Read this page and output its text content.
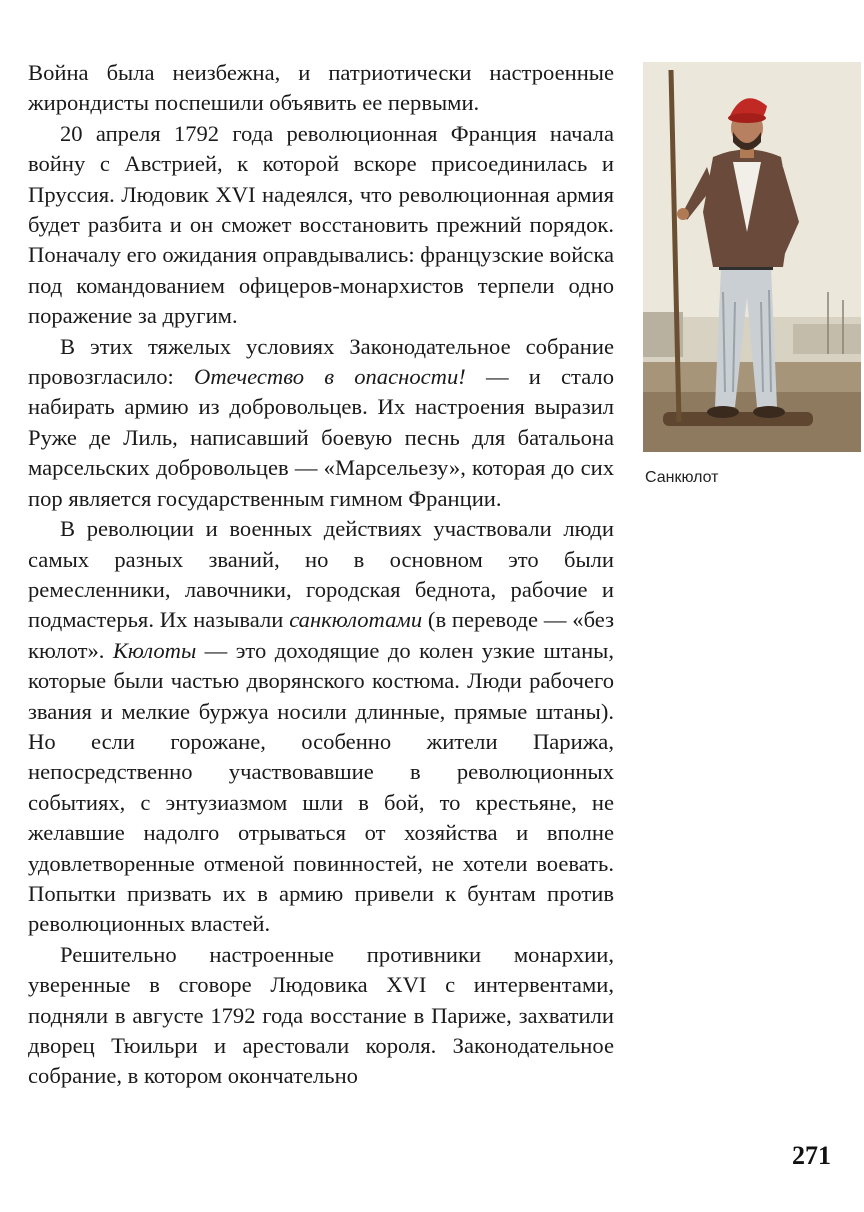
Война была неизбежна, и патриотически настроенные жирондисты поспешили объявить ее первыми.

20 апреля 1792 года революционная Франция начала войну с Австрией, к которой вскоре присоединилась и Пруссия. Людовик XVI надеялся, что революционная армия будет разбита и он сможет восстановить прежний порядок. Поначалу его ожидания оправдывались: французские войска под командованием офицеров-монархистов терпели одно поражение за другим.

В этих тяжелых условиях Законодательное собрание провозгласило: Отечество в опасности! — и стало набирать армию из добровольцев. Их настроения выразил Руже де Лиль, написавший боевую песнь для батальона марсельских добровольцев — «Марсельезу», которая до сих пор является государственным гимном Франции.

В революции и военных действиях участвовали люди самых разных званий, но в основном это были ремесленники, лавочники, городская беднота, рабочие и подмастерья. Их называли санкюлотами (в переводе — «без кюлот». Кюлоты — это доходящие до колен узкие штаны, которые были частью дворянского костюма. Люди рабочего звания и мелкие буржуа носили длинные, прямые штаны). Но если горожане, особенно жители Парижа, непосредственно участвовавшие в революционных событиях, с энтузиазмом шли в бой, то крестьяне, не желавшие надолго отрываться от хозяйства и вполне удовлетворенные отменой повинностей, не хотели воевать. Попытки призвать их в армию привели к бунтам против революционных властей.

Решительно настроенные противники монархии, уверенные в сговоре Людовика XVI с интервентами, подняли в августе 1792 года восстание в Париже, захватили дворец Тюильри и арестовали короля. Законодательное собрание, в котором окончательно

Санкюлот
271
